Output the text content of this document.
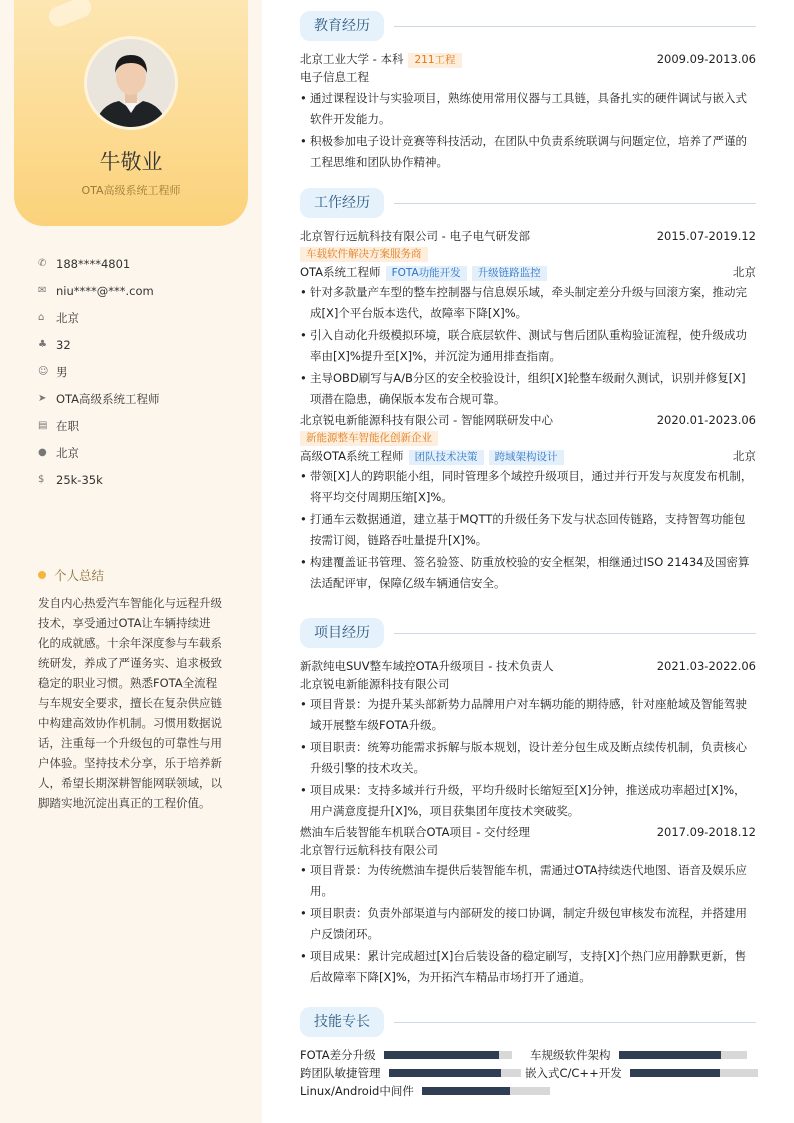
牛敬业
OTA高级系统工程师
✆ 188****4801
✉ niu****@***.com
⌂	北京
♣ 32
☺ 男
➤ OTA高级系统工程师
▤ 在职
● 北京
$	25k-35k
个人总结
发自内心热爱汽车智能化与远程升级技术，享受通过OTA让车辆持续进化的成就感。十余年深度参与车载系统研发，养成了严谨务实、追求极致稳定的职业习惯。熟悉FOTA全流程与车规安全要求，擅长在复杂供应链中构建高效协作机制。习惯用数据说话，注重每一个升级包的可靠性与用户体验。坚持技术分享，乐于培养新人，希望长期深耕智能网联领域，以脚踏实地沉淀出真正的工程价值。
教育经历
北京工业大学 - 本科 211工程	2009.09-2013.06
电子信息工程
• 通过课程设计与实验项目，熟练使用常用仪器与工具链，具备扎实的硬件调试与嵌入式软件开发能力。
• 积极参加电子设计竞赛等科技活动，在团队中负责系统联调与问题定位，培养了严谨的工程思维和团队协作精神。
工作经历
北京智行远航科技有限公司 - 电子电气研发部	2015.07-2019.12
车载软件解决方案服务商
OTA系统工程师 FOTA功能开发 升级链路监控	北京
• 针对多款量产车型的整车控制器与信息娱乐域，牵头制定差分升级与回滚方案，推动完成[X]个平台版本迭代，故障率下降[X]%。
• 引入自动化升级模拟环境，联合底层软件、测试与售后团队重构验证流程，使升级成功率由[X]%提升至[X]%，并沉淀为通用排查指南。
• 主导OBD刷写与A/B分区的安全校验设计，组织[X]轮整车级耐久测试，识别并修复[X]项潜在隐患，确保版本发布合规可靠。
北京锐电新能源科技有限公司 - 智能网联研发中心	2020.01-2023.06
新能源整车智能化创新企业
高级OTA系统工程师 团队技术决策 跨域架构设计	北京
• 带领[X]人的跨职能小组，同时管理多个域控升级项目，通过并行开发与灰度发布机制，将平均交付周期压缩[X]%。
• 打通车云数据通道，建立基于MQTT的升级任务下发与状态回传链路，支持智驾功能包按需订阅，链路吞吐量提升[X]%。
• 构建覆盖证书管理、签名验签、防重放校验的安全框架，相继通过ISO 21434及国密算法适配评审，保障亿级车辆通信安全。
项目经历
新款纯电SUV整车域控OTA升级项目 - 技术负责人	2021.03-2022.06
北京锐电新能源科技有限公司
• 项目背景：为提升某头部新势力品牌用户对车辆功能的期待感，针对座舱域及智能驾驶域开展整车级FOTA升级。
• 项目职责：统筹功能需求拆解与版本规划，设计差分包生成及断点续传机制，负责核心升级引擎的技术攻关。
• 项目成果：支持多域并行升级，平均升级时长缩短至[X]分钟，推送成功率超过[X]%，用户满意度提升[X]%，项目获集团年度技术突破奖。
燃油车后装智能车机联合OTA项目 - 交付经理	2017.09-2018.12
北京智行远航科技有限公司
• 项目背景：为传统燃油车提供后装智能车机，需通过OTA持续迭代地图、语音及娱乐应用。
• 项目职责：负责外部渠道与内部研发的接口协调，制定升级包审核发布流程，并搭建用户反馈闭环。
• 项目成果：累计完成超过[X]台后装设备的稳定刷写，支持[X]个热门应用静默更新，售后故障率下降[X]%，为开拓汽车精品市场打开了通道。
技能专长
FOTA差分升级	车规级软件架构
跨团队敏捷管理	嵌入式C/C++开发
Linux/Android中间件
